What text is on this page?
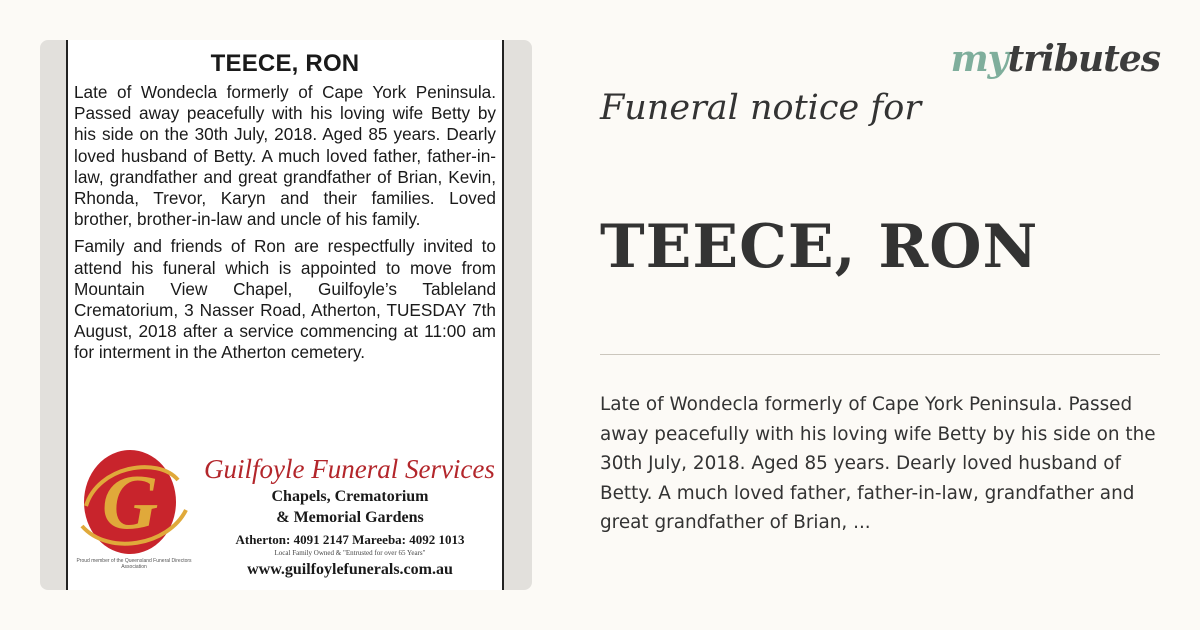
TEECE, RON

Late of Wondecla formerly of Cape York Peninsula. Passed away peacefully with his loving wife Betty by his side on the 30th July, 2018. Aged 85 years. Dearly loved husband of Betty. A much loved father, father-in-law, grandfather and great grandfather of Brian, Kevin, Rhonda, Trevor, Karyn and their families. Loved brother, brother-in-law and uncle of his family.

Family and friends of Ron are respectfully invited to attend his funeral which is appointed to move from Mountain View Chapel, Guilfoyle’s Tableland Crematorium, 3 Nasser Road, Atherton, TUESDAY 7th August, 2018 after a service commencing at 11:00 am for interment in the Atherton cemetery.

G
Proud member of the Queensland Funeral Directors Association
Guilfoyle Funeral Services
Chapels, Crematorium
& Memorial Gardens
Atherton: 4091 2147 Mareeba: 4092 1013
Local Family Owned & "Entrusted for over 65 Years"
www.guilfoylefunerals.com.au
mytributes
Funeral notice for
TEECE, RON
Late of Wondecla formerly of Cape York Peninsula. Passed away peacefully with his loving wife Betty by his side on the 30th July, 2018. Aged 85 years. Dearly loved husband of Betty. A much loved father, father-in-law, grandfather and great grandfather of Brian, ...
